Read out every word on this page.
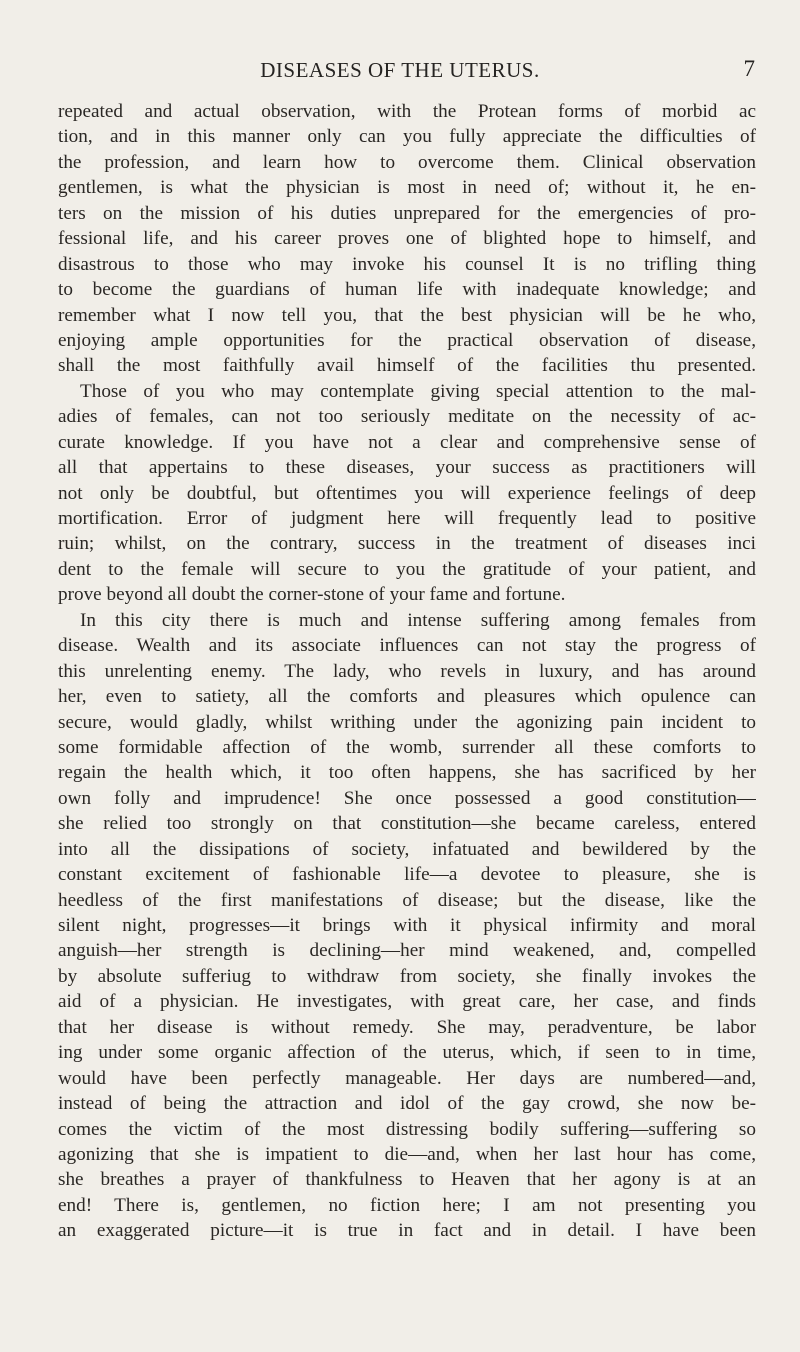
DISEASES OF THE UTERUS.	7
repeated and actual observation, with the Protean forms of morbid ac
tion, and in this manner only can you fully appreciate the difficulties of
the profession, and learn how to overcome them. Clinical observation
gentlemen, is what the physician is most in need of; without it, he en-
ters on the mission of his duties unprepared for the emergencies of pro-
fessional life, and his career proves one of blighted hope to himself, and
disastrous to those who may invoke his counsel It is no trifling thing
to become the guardians of human life with inadequate knowledge; and
remember what I now tell you, that the best physician will be he who,
enjoying ample opportunities for the practical observation of disease,
shall the most faithfully avail himself of the facilities thu presented.
Those of you who may contemplate giving special attention to the mal-
adies of females, can not too seriously meditate on the necessity of ac-
curate knowledge. If you have not a clear and comprehensive sense of
all that appertains to these diseases, your success as practitioners will
not only be doubtful, but oftentimes you will experience feelings of deep
mortification. Error of judgment here will frequently lead to positive
ruin; whilst, on the contrary, success in the treatment of diseases inci
dent to the female will secure to you the gratitude of your patient, and
prove beyond all doubt the corner-stone of your fame and fortune.
In this city there is much and intense suffering among females from
disease. Wealth and its associate influences can not stay the progress of
this unrelenting enemy. The lady, who revels in luxury, and has around
her, even to satiety, all the comforts and pleasures which opulence can
secure, would gladly, whilst writhing under the agonizing pain incident to
some formidable affection of the womb, surrender all these comforts to
regain the health which, it too often happens, she has sacrificed by her
own folly and imprudence! She once possessed a good constitution—
she relied too strongly on that constitution—she became careless, entered
into all the dissipations of society, infatuated and bewildered by the
constant excitement of fashionable life—a devotee to pleasure, she is
heedless of the first manifestations of disease; but the disease, like the
silent night, progresses—it brings with it physical infirmity and moral
anguish—her strength is declining—her mind weakened, and, compelled
by absolute sufferiug to withdraw from society, she finally invokes the
aid of a physician. He investigates, with great care, her case, and finds
that her disease is without remedy. She may, peradventure, be labor
ing under some organic affection of the uterus, which, if seen to in time,
would have been perfectly manageable. Her days are numbered—and,
instead of being the attraction and idol of the gay crowd, she now be-
comes the victim of the most distressing bodily suffering—suffering so
agonizing that she is impatient to die—and, when her last hour has come,
she breathes a prayer of thankfulness to Heaven that her agony is at an
end! There is, gentlemen, no fiction here; I am not presenting you
an exaggerated picture—it is true in fact and in detail. I have been
